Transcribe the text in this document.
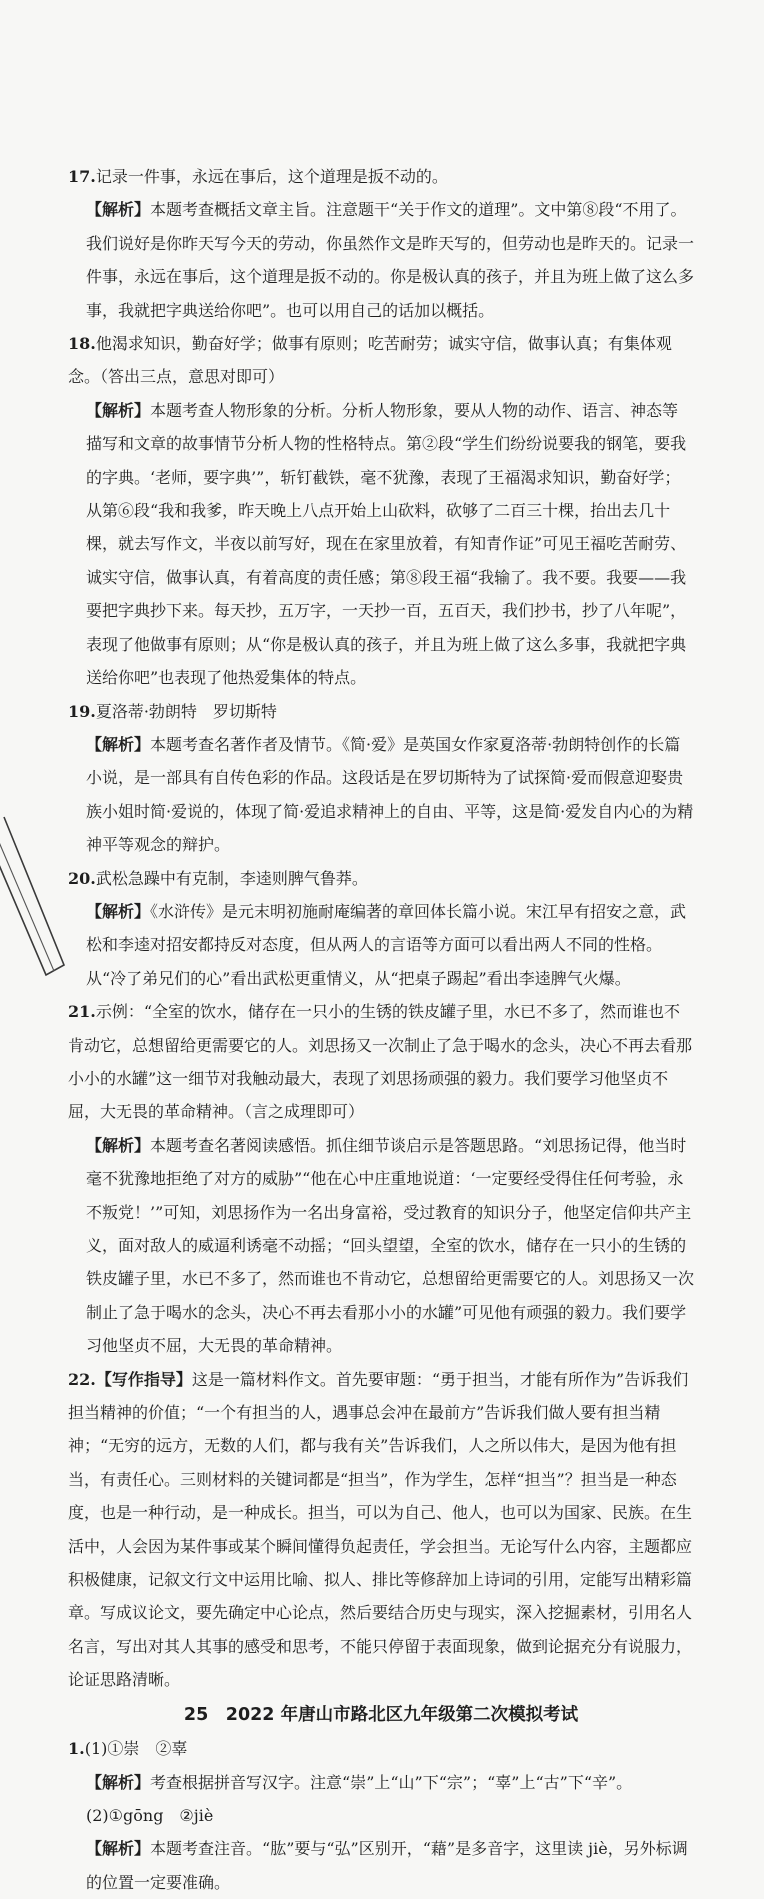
17.记录一件事，永远在事后，这个道理是扳不动的。

【解析】本题考查概括文章主旨。注意题干“关于作文的道理”。文中第⑧段“不用了。我们说好是你昨天写今天的劳动，你虽然作文是昨天写的，但劳动也是昨天的。记录一件事，永远在事后，这个道理是扳不动的。你是极认真的孩子，并且为班上做了这么多事，我就把字典送给你吧”。也可以用自己的话加以概括。

18.他渴求知识，勤奋好学；做事有原则；吃苦耐劳；诚实守信，做事认真；有集体观念。（答出三点，意思对即可）

【解析】本题考查人物形象的分析。分析人物形象，要从人物的动作、语言、神态等描写和文章的故事情节分析人物的性格特点。第②段“学生们纷纷说要我的钢笔，要我的字典。‘老师，要字典’”，斩钉截铁，毫不犹豫，表现了王福渴求知识，勤奋好学；从第⑥段“我和我爹，昨天晚上八点开始上山砍料，砍够了二百三十棵，抬出去几十棵，就去写作文，半夜以前写好，现在在家里放着，有知青作证”可见王福吃苦耐劳、诚实守信，做事认真，有着高度的责任感；第⑧段王福“我输了。我不要。我要——我要把字典抄下来。每天抄，五万字，一天抄一百，五百天，我们抄书，抄了八年呢”，表现了他做事有原则；从“你是极认真的孩子，并且为班上做了这么多事，我就把字典送给你吧”也表现了他热爱集体的特点。

19.夏洛蒂·勃朗特　罗切斯特

【解析】本题考查名著作者及情节。《简·爱》是英国女作家夏洛蒂·勃朗特创作的长篇小说，是一部具有自传色彩的作品。这段话是在罗切斯特为了试探简·爱而假意迎娶贵族小姐时简·爱说的，体现了简·爱追求精神上的自由、平等，这是简·爱发自内心的为精神平等观念的辩护。

20.武松急躁中有克制，李逵则脾气鲁莽。

【解析】《水浒传》是元末明初施耐庵编著的章回体长篇小说。宋江早有招安之意，武松和李逵对招安都持反对态度，但从两人的言语等方面可以看出两人不同的性格。从“冷了弟兄们的心”看出武松更重情义，从“把桌子踢起”看出李逵脾气火爆。

21.示例：“全室的饮水，储存在一只小的生锈的铁皮罐子里，水已不多了，然而谁也不肯动它，总想留给更需要它的人。刘思扬又一次制止了急于喝水的念头，决心不再去看那小小的水罐”这一细节对我触动最大，表现了刘思扬顽强的毅力。我们要学习他坚贞不屈，大无畏的革命精神。（言之成理即可）

【解析】本题考查名著阅读感悟。抓住细节谈启示是答题思路。“刘思扬记得，他当时毫不犹豫地拒绝了对方的威胁”“他在心中庄重地说道：‘一定要经受得住任何考验，永不叛党！’”可知，刘思扬作为一名出身富裕，受过教育的知识分子，他坚定信仰共产主义，面对敌人的威逼利诱毫不动摇；“回头望望，全室的饮水，储存在一只小的生锈的铁皮罐子里，水已不多了，然而谁也不肯动它，总想留给更需要它的人。刘思扬又一次制止了急于喝水的念头，决心不再去看那小小的水罐”可见他有顽强的毅力。我们要学习他坚贞不屈，大无畏的革命精神。

22.【写作指导】这是一篇材料作文。首先要审题：“勇于担当，才能有所作为”告诉我们担当精神的价值；“一个有担当的人，遇事总会冲在最前方”告诉我们做人要有担当精神；“无穷的远方，无数的人们，都与我有关”告诉我们，人之所以伟大，是因为他有担当，有责任心。三则材料的关键词都是“担当”，作为学生，怎样“担当”？担当是一种态度，也是一种行动，是一种成长。担当，可以为自己、他人，也可以为国家、民族。在生活中，人会因为某件事或某个瞬间懂得负起责任，学会担当。无论写什么内容，主题都应积极健康，记叙文行文中运用比喻、拟人、排比等修辞加上诗词的引用，定能写出精彩篇章。写成议论文，要先确定中心论点，然后要结合历史与现实，深入挖掘素材，引用名人名言，写出对其人其事的感受和思考，不能只停留于表面现象，做到论据充分有说服力，论证思路清晰。

25　2022 年唐山市路北区九年级第二次模拟考试

1.(1)①崇　②辜

【解析】考查根据拼音写汉字。注意“崇”上“山”下“宗”；“辜”上“古”下“辛”。

(2)①gōng　②jiè

【解析】本题考查注音。“肱”要与“弘”区别开，“藉”是多音字，这里读 jiè，另外标调的位置一定要准确。
